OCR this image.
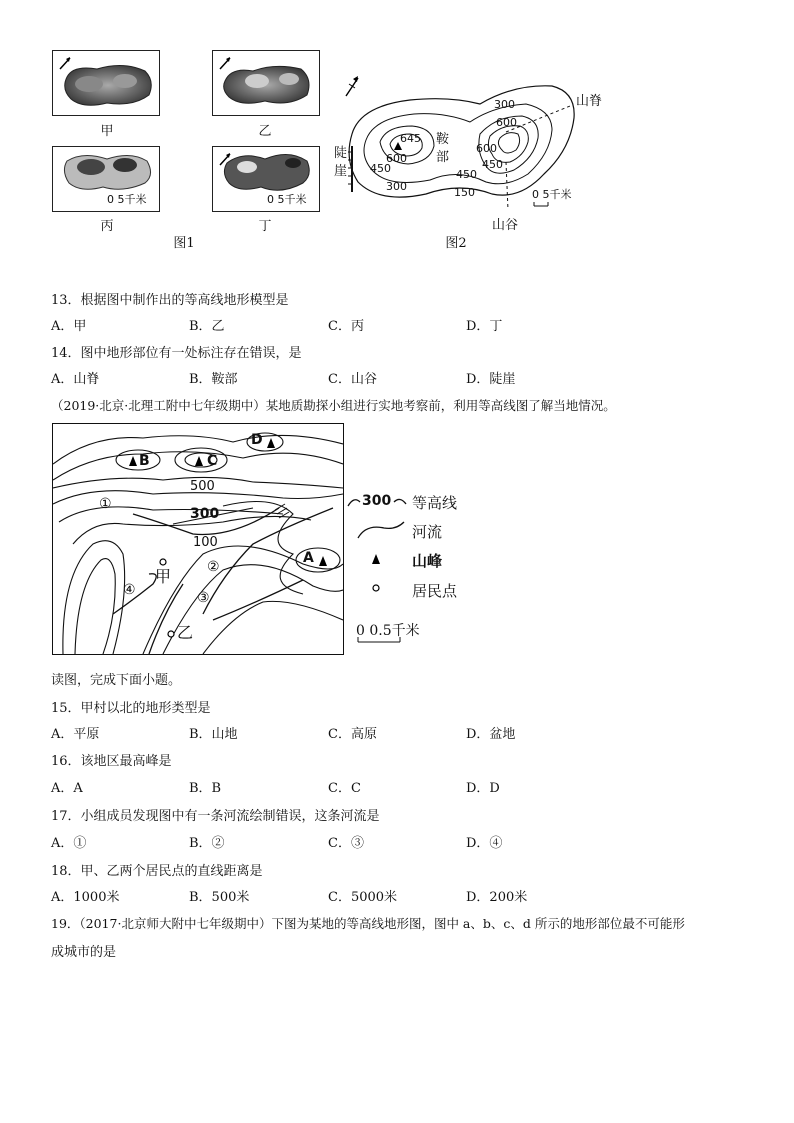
甲	乙
0 5千米
丙
0 5千米
丁
图1
山脊
鞍
部
陡
崖
山谷
645
600
450
300
300
600
600
450
450
150	0 5千米
图2
13．根据图中制作出的等高线地形模型是
A．甲	B．乙	C．丙	D．丁
14．图中地形部位有一处标注存在错误，是
A．山脊	B．鞍部	C．山谷	D．陡崖
（2019·北京·北理工附中七年级期中）某地质勘探小组进行实地考察前，利用等高线图了解当地情况。
B	C
D
A
500
300
100
①
②
③
④
甲
乙
300 等高线
河流
山峰
居民点
0 0.5千米
读图，完成下面小题。
15．甲村以北的地形类型是
A．平原	B．山地	C．高原	D．盆地
16．该地区最高峰是
A．A	B．B	C．C	D．D
17．小组成员发现图中有一条河流绘制错误，这条河流是
A．①	B．②	C．③	D．④
18．甲、乙两个居民点的直线距离是
A．1000米	B．500米	C．5000米	D．200米
19．（2017·北京师大附中七年级期中）下图为某地的等高线地形图，图中 a、b、c、d 所示的地形部位最不可能形
成城市的是
